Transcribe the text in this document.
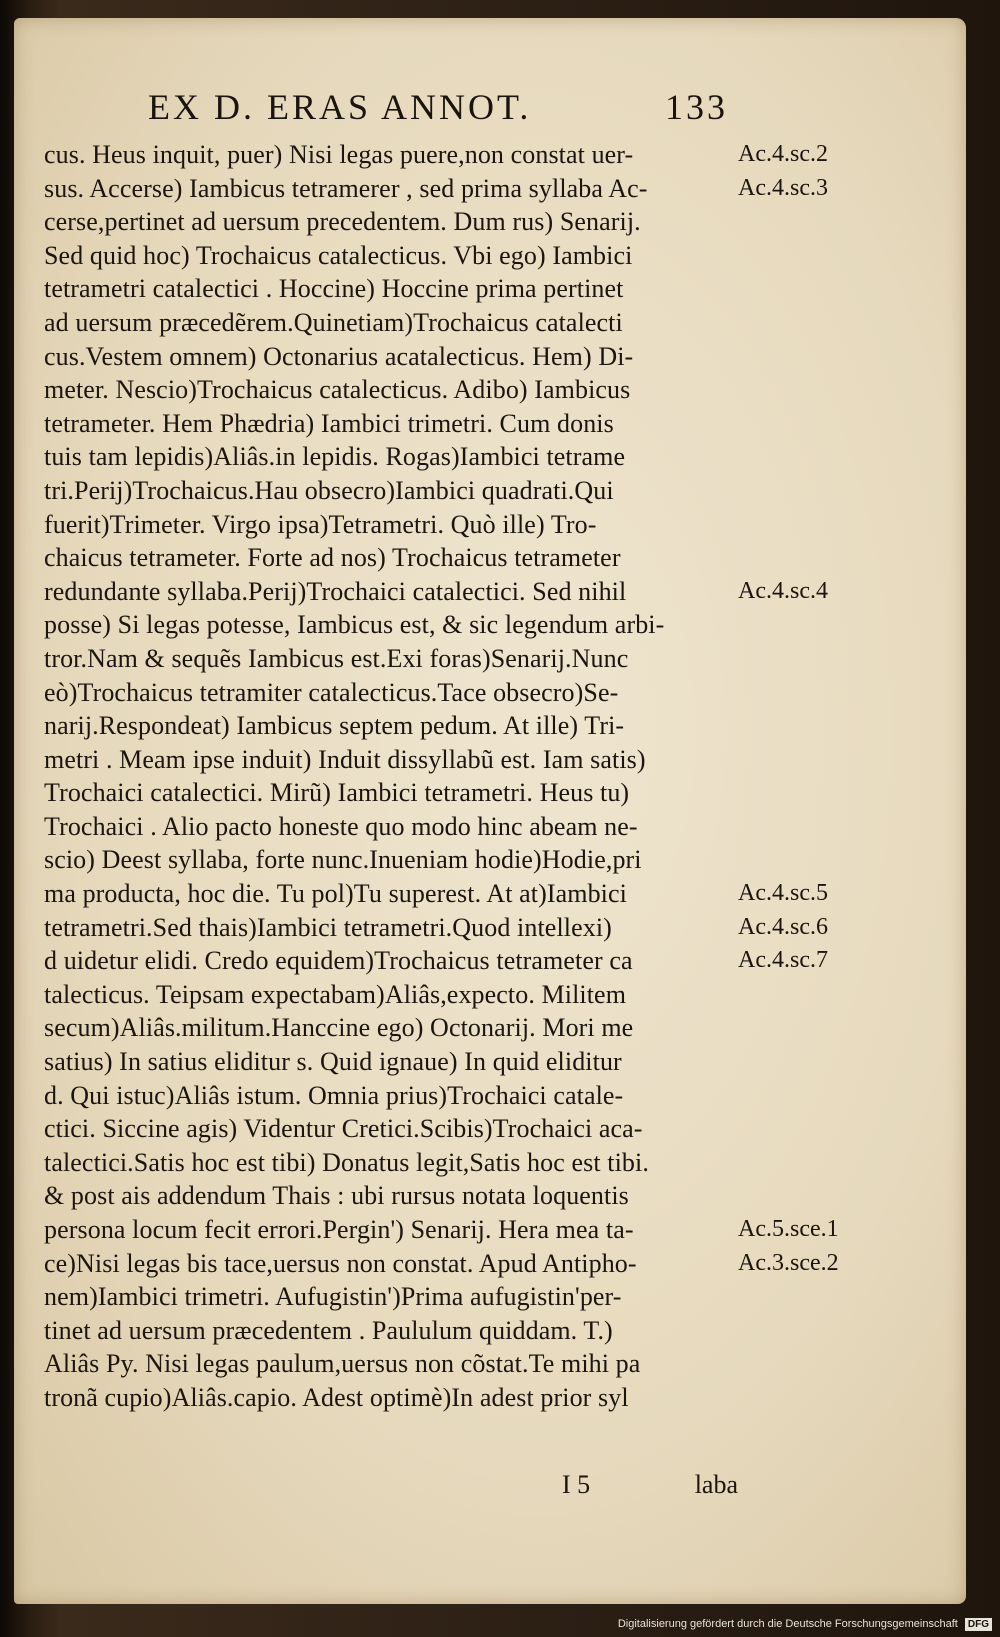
EX D. ERAS ANNOT.	133
cus. Heus inquit, puer) Nisi legas puere,non constat uer-
sus. Accerse) Iambicus tetramerer , sed prima syllaba Ac-
cerse,pertinet ad uersum precedentem. Dum rus) Senarij.
Sed quid hoc) Trochaicus catalecticus. Vbi ego) Iambici
tetrametri catalectici . Hoccine) Hoccine prima pertinet
ad uersum præcedẽrem.Quinetiam)Trochaicus catalecti
cus.Vestem omnem) Octonarius acatalecticus. Hem) Di-
meter. Nescio)Trochaicus catalecticus. Adibo) Iambicus
tetrameter. Hem Phædria) Iambici trimetri. Cum donis
tuis tam lepidis)Aliâs.in lepidis. Rogas)Iambici tetrame
tri.Perij)Trochaicus.Hau obsecro)Iambici quadrati.Qui
fuerit)Trimeter. Virgo ipsa)Tetrametri. Quò ille) Tro-
chaicus tetrameter. Forte ad nos) Trochaicus tetrameter
redundante syllaba.Perij)Trochaici catalectici. Sed nihil
posse) Si legas potesse, Iambicus est, & sic legendum arbi-
tror.Nam & sequẽs Iambicus est.Exi foras)Senarij.Nunc
eò)Trochaicus tetramiter catalecticus.Tace obsecro)Se-
narij.Respondeat) Iambicus septem pedum. At ille) Tri-
metri . Meam ipse induit) Induit dissyllabũ est. Iam satis)
Trochaici catalectici. Mirũ) Iambici tetrametri. Heus tu)
Trochaici . Alio pacto honeste quo modo hinc abeam ne-
scio) Deest syllaba, forte nunc.Inueniam hodie)Hodie,pri
ma producta, hoc die. Tu pol)Tu superest. At at)Iambici
tetrametri.Sed thais)Iambici tetrametri.Quod intellexi)
d uidetur elidi. Credo equidem)Trochaicus tetrameter ca
talecticus. Teipsam expectabam)Aliâs,expecto. Militem
secum)Aliâs.militum.Hanccine ego) Octonarij. Mori me
satius) In satius eliditur s. Quid ignaue) In quid eliditur
d. Qui istuc)Aliâs istum. Omnia prius)Trochaici catale-
ctici. Siccine agis) Videntur Cretici.Scibis)Trochaici aca-
talectici.Satis hoc est tibi) Donatus legit,Satis hoc est tibi.
& post ais addendum Thais : ubi rursus notata loquentis
persona locum fecit errori.Pergin') Senarij. Hera mea ta-
ce)Nisi legas bis tace,uersus non constat. Apud Antipho-
nem)Iambici trimetri. Aufugistin')Prima aufugistin'per-
tinet ad uersum præcedentem . Paululum quiddam. T.)
Aliâs Py. Nisi legas paulum,uersus non cõstat.Te mihi pa
tronã cupio)Aliâs.capio. Adest optimè)In adest prior syl
Ac.4.sc.2
Ac.4.sc.3
Ac.4.sc.4
Ac.4.sc.5
Ac.4.sc.6
Ac.4.sc.7
Ac.5.sce.1
Ac.3.sce.2
I 5	laba
Digitalisierung gefördert durch die Deutsche Forschungsgemeinschaft DFG
